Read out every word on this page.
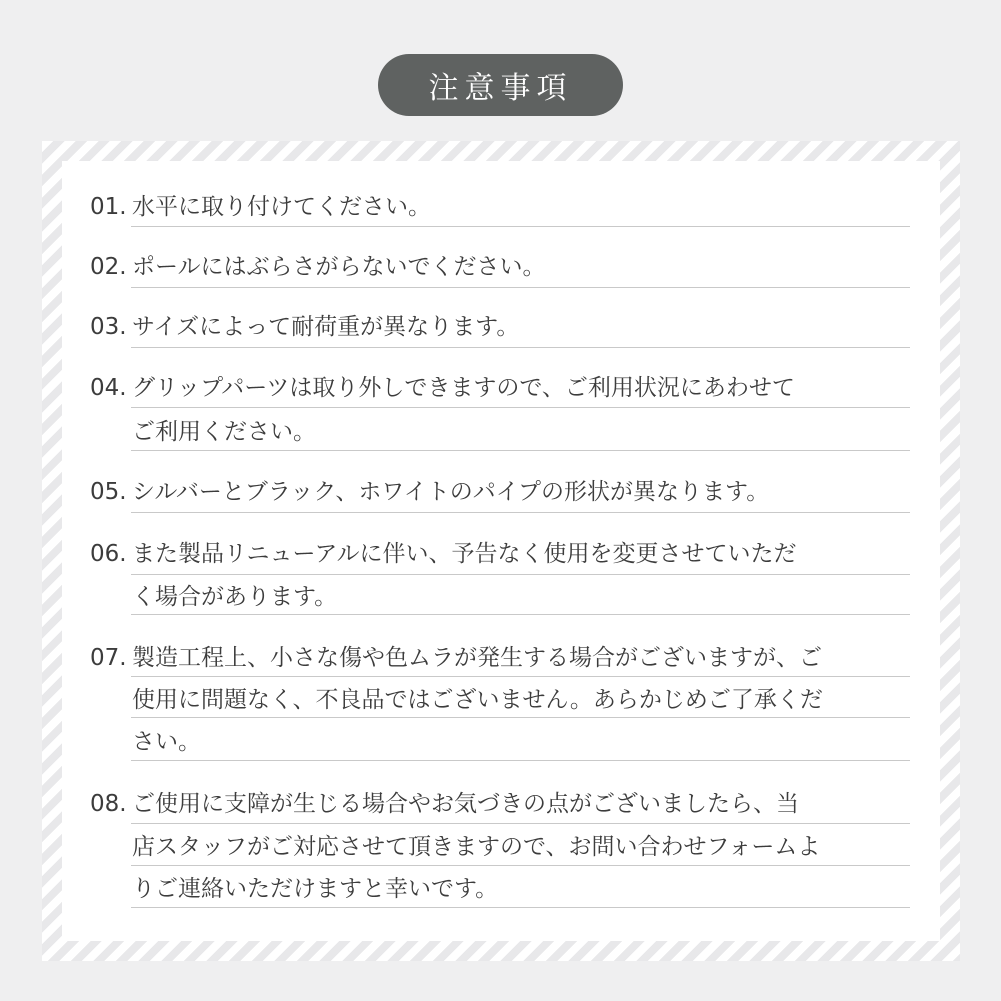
注意事項
01. 水平に取り付けてください。
02. ポールにはぶらさがらないでください。
03. サイズによって耐荷重が異なります。
04. グリップパーツは取り外しできますので、ご利用状況にあわせて
ご利用ください。
05. シルバーとブラック、ホワイトのパイプの形状が異なります。
06. また製品リニューアルに伴い、予告なく使用を変更させていただ
く場合があります。
07. 製造工程上、小さな傷や色ムラが発生する場合がございますが、ご
使用に問題なく、不良品ではございません。あらかじめご了承くだ
さい。
08. ご使用に支障が生じる場合やお気づきの点がございましたら、当
店スタッフがご対応させて頂きますので、お問い合わせフォームよ
りご連絡いただけますと幸いです。
